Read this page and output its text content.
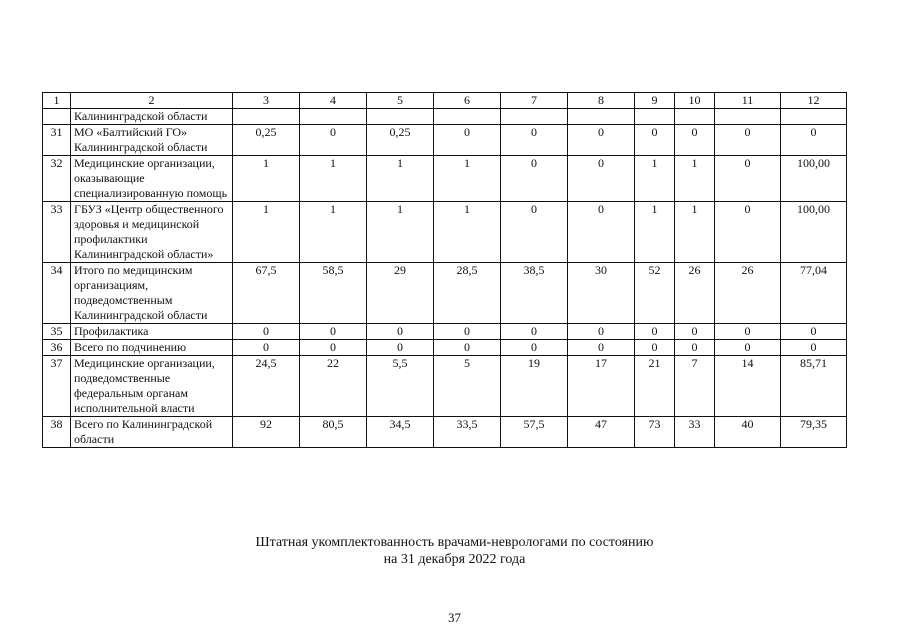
1	2	3	4	5	6	7	8	9	10	11	12
	Калининградской области										
31	МО «Балтийский ГО» Калининградской области	0,25	0	0,25	0	0	0	0	0	0	0
32	Медицинские организации, оказывающие специализированную помощь	1	1	1	1	0	0	1	1	0	100,00
33	ГБУЗ «Центр общественного здоровья и медицинской профилактики Калининградской области»	1	1	1	1	0	0	1	1	0	100,00
34	Итого по медицинским организациям, подведомственным Калининградской области	67,5	58,5	29	28,5	38,5	30	52	26	26	77,04
35	Профилактика	0	0	0	0	0	0	0	0	0	0
36	Всего по подчинению	0	0	0	0	0	0	0	0	0	0
37	Медицинские организации, подведомственные федеральным органам исполнительной власти	24,5	22	5,5	5	19	17	21	7	14	85,71
38	Всего по Калининградской области	92	80,5	34,5	33,5	57,5	47	73	33	40	79,35
Штатная укомплектованность врачами-неврологами по состоянию
на 31 декабря 2022 года
37
